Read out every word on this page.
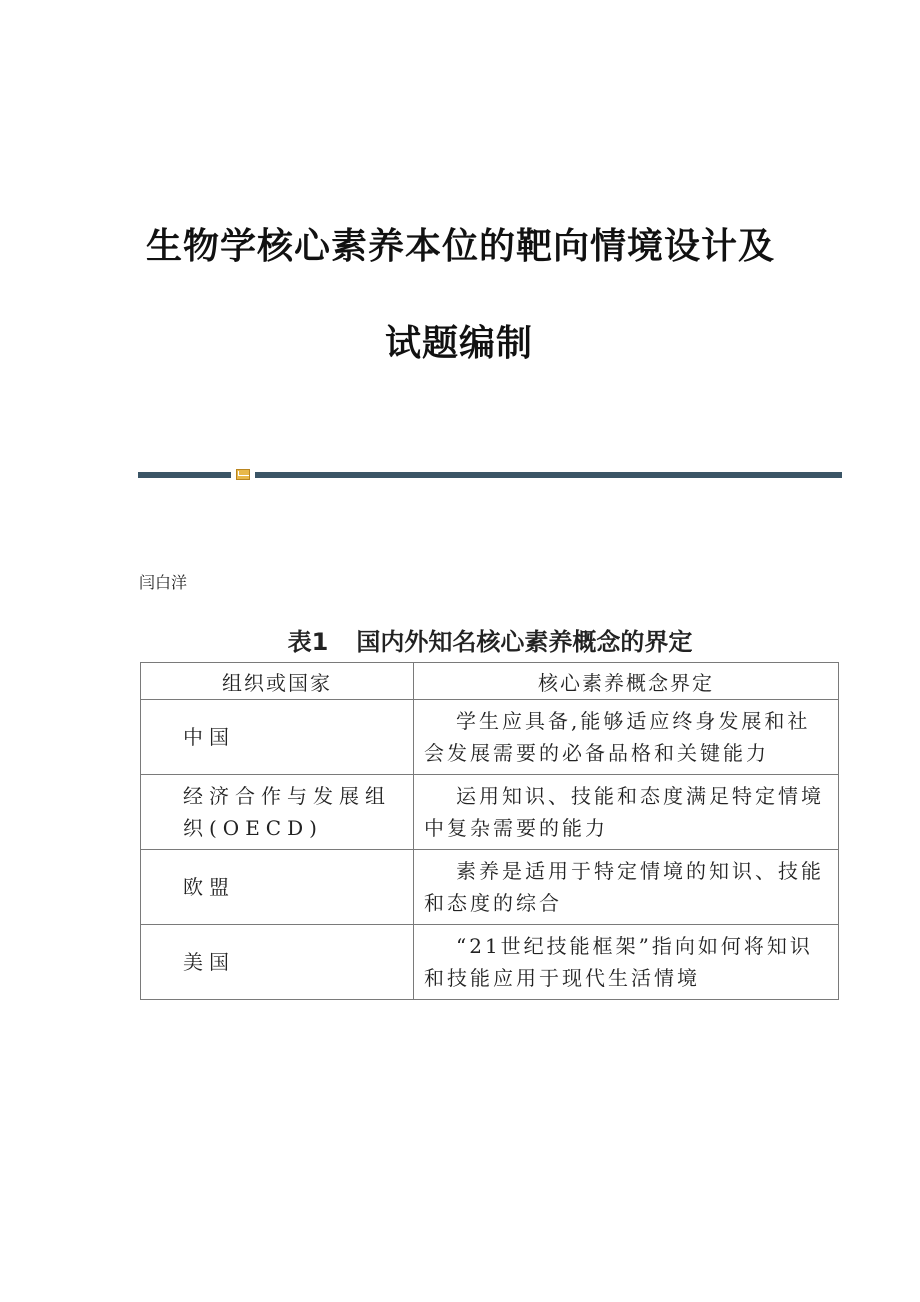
生物学核心素养本位的靶向情境设计及
试题编制
闫白洋
表1 国内外知名核心素养概念的界定
组织或国家	核心素养概念界定
中国	学生应具备,能够适应终身发展和社会发展需要的必备品格和关键能力
经济合作与发展组织(OECD)	运用知识、技能和态度满足特定情境中复杂需要的能力
欧盟	素养是适用于特定情境的知识、技能和态度的综合
美国	“21世纪技能框架”指向如何将知识和技能应用于现代生活情境
